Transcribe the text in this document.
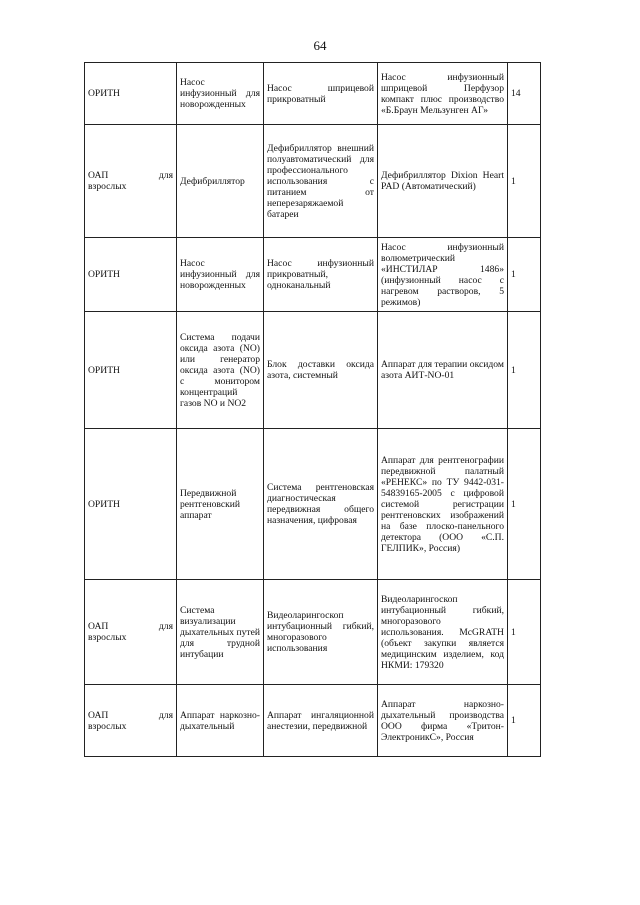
64
ОРИТН	Насос инфузионный для новорожденных	Насос шприцевой прикроватный	Насос инфузионный шприцевой Перфузор компакт плюс производство «Б.Браун Мельзунген АГ»	14

ОАП для
взрослых	Дефибриллятор	Дефибриллятор внешний полуавтоматический для профессионального использования с питанием от неперезаряжаемой батареи	Дефибриллятор Dixion Heart PAD (Автоматический)	1
ОРИТН	Насос инфузионный для новорожденных	Насос инфузионный прикроватный, одноканальный	Насос инфузионный волюметрический «ИНСТИЛАР 1486» (инфузионный насос с нагревом растворов, 5 режимов)	1
ОРИТН	Система подачи оксида азота (NO) или генератор оксида азота (NO) с монитором концентраций газов NO и NO2	Блок доставки оксида азота, системный	Аппарат для терапии оксидом азота АИТ-NO-01	1
ОРИТН	Передвижной рентгеновский аппарат	Система рентгеновская диагностическая передвижная общего назначения, цифровая	Аппарат для рентгенографии передвижной палатный «РЕНЕКС» по ТУ 9442-031-54839165-2005 с цифровой системой регистрации рентгеновских изображений на базе плоско-панельного детектора (ООО «С.П. ГЕЛПИК», Россия)	1

ОАП для
взрослых	Система визуализации дыхательных путей для трудной интубации	Видеоларингоскоп интубационный гибкий, многоразового использования	Видеоларингоскоп интубационный гибкий, многоразового использования. McGRATH (объект закупки является медицинским изделием, код НКМИ: 179320	1

ОАП для
взрослых	Аппарат наркозно-дыхательный	Аппарат ингаляционной анестезии, передвижной	Аппарат наркозно-дыхательный производства ООО фирма «Тритон-ЭлектроникС», Россия	1
